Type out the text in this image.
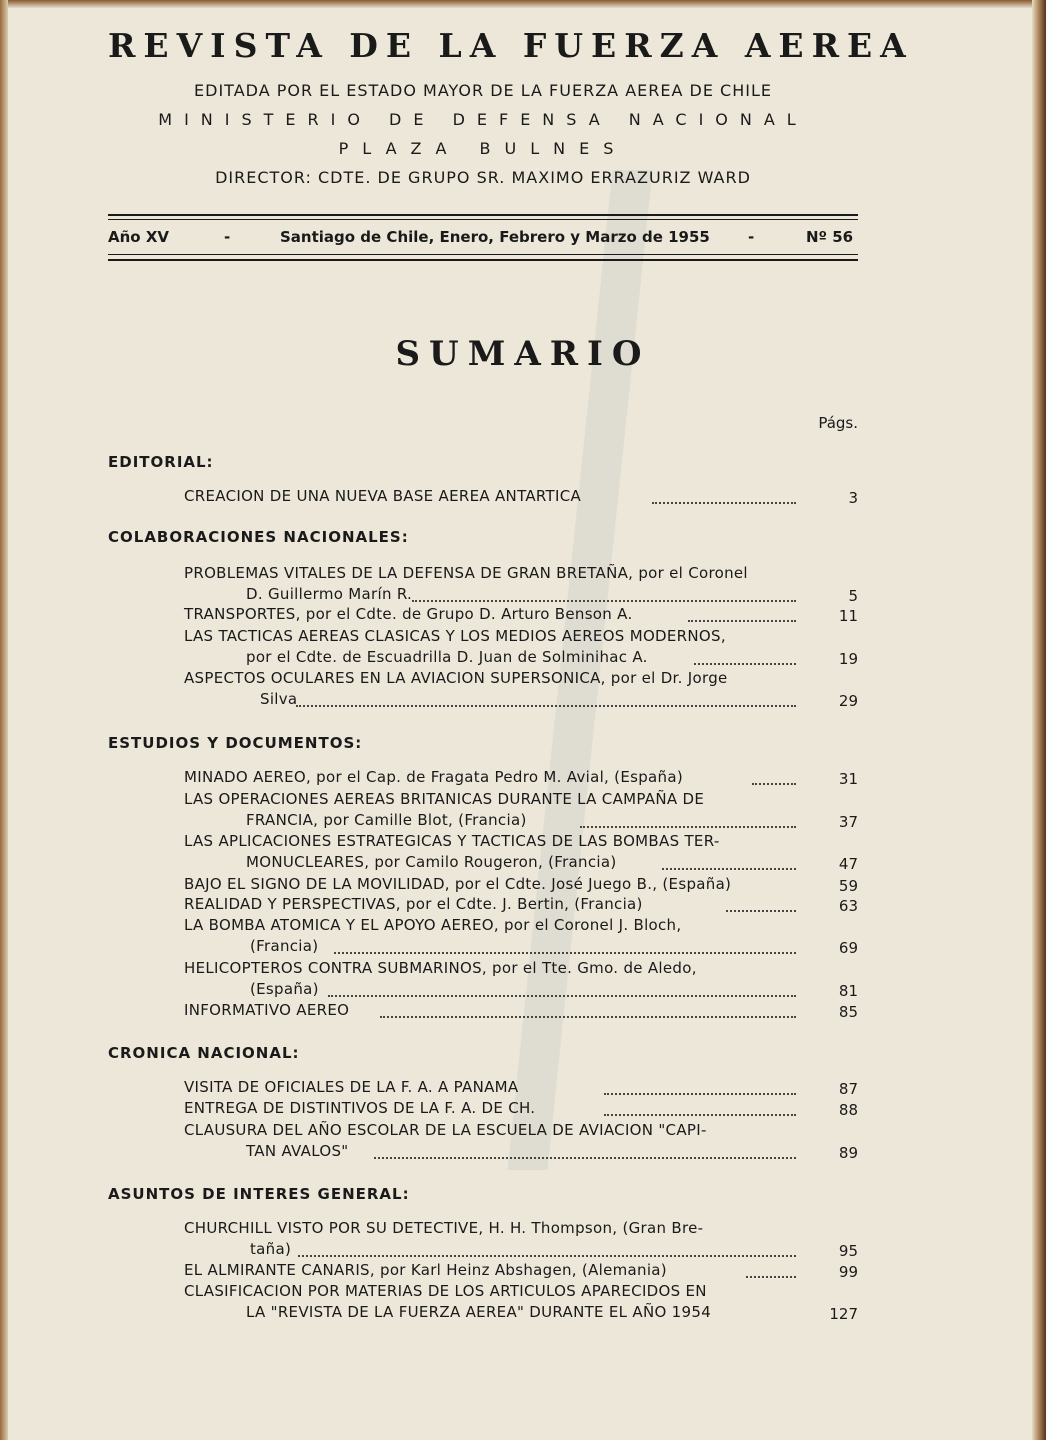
REVISTA DE LA FUERZA AEREA

EDITADA POR EL ESTADO MAYOR DE LA FUERZA AEREA DE CHILE

MINISTERIO DE DEFENSA NACIONAL

PLAZA BULNES

DIRECTOR: CDTE. DE GRUPO SR. MAXIMO ERRAZURIZ WARD

Año XV	-	Santiago de Chile, Enero, Febrero y Marzo de 1955	-	Nº 56
SUMARIO
Págs.
EDITORIAL:
CREACION DE UNA NUEVA BASE AEREA ANTARTICA	3
COLABORACIONES NACIONALES:
PROBLEMAS VITALES DE LA DEFENSA DE GRAN BRETAÑA, por el Coronel
D. Guillermo Marín R.	5
TRANSPORTES, por el Cdte. de Grupo D. Arturo Benson A.	11
LAS TACTICAS AEREAS CLASICAS Y LOS MEDIOS AEREOS MODERNOS,
por el Cdte. de Escuadrilla D. Juan de Solminihac A.	19
ASPECTOS OCULARES EN LA AVIACION SUPERSONICA, por el Dr. Jorge
Silva	29
ESTUDIOS Y DOCUMENTOS:
MINADO AEREO, por el Cap. de Fragata Pedro M. Avial, (España)	31
LAS OPERACIONES AEREAS BRITANICAS DURANTE LA CAMPAÑA DE
FRANCIA, por Camille Blot, (Francia)	37
LAS APLICACIONES ESTRATEGICAS Y TACTICAS DE LAS BOMBAS TER-
MONUCLEARES, por Camilo Rougeron, (Francia)	47
BAJO EL SIGNO DE LA MOVILIDAD, por el Cdte. José Juego B., (España)	59
REALIDAD Y PERSPECTIVAS, por el Cdte. J. Bertin, (Francia)	63
LA BOMBA ATOMICA Y EL APOYO AEREO, por el Coronel J. Bloch,
(Francia)	69
HELICOPTEROS CONTRA SUBMARINOS, por el Tte. Gmo. de Aledo,
(España)	81
INFORMATIVO AEREO	85
CRONICA NACIONAL:
VISITA DE OFICIALES DE LA F. A. A PANAMA	87
ENTREGA DE DISTINTIVOS DE LA F. A. DE CH.	88
CLAUSURA DEL AÑO ESCOLAR DE LA ESCUELA DE AVIACION "CAPI-
TAN AVALOS"	89
ASUNTOS DE INTERES GENERAL:
CHURCHILL VISTO POR SU DETECTIVE, H. H. Thompson, (Gran Bre-
taña)	95
EL ALMIRANTE CANARIS, por Karl Heinz Abshagen, (Alemania)	99
CLASIFICACION POR MATERIAS DE LOS ARTICULOS APARECIDOS EN
LA "REVISTA DE LA FUERZA AEREA" DURANTE EL AÑO 1954	127
